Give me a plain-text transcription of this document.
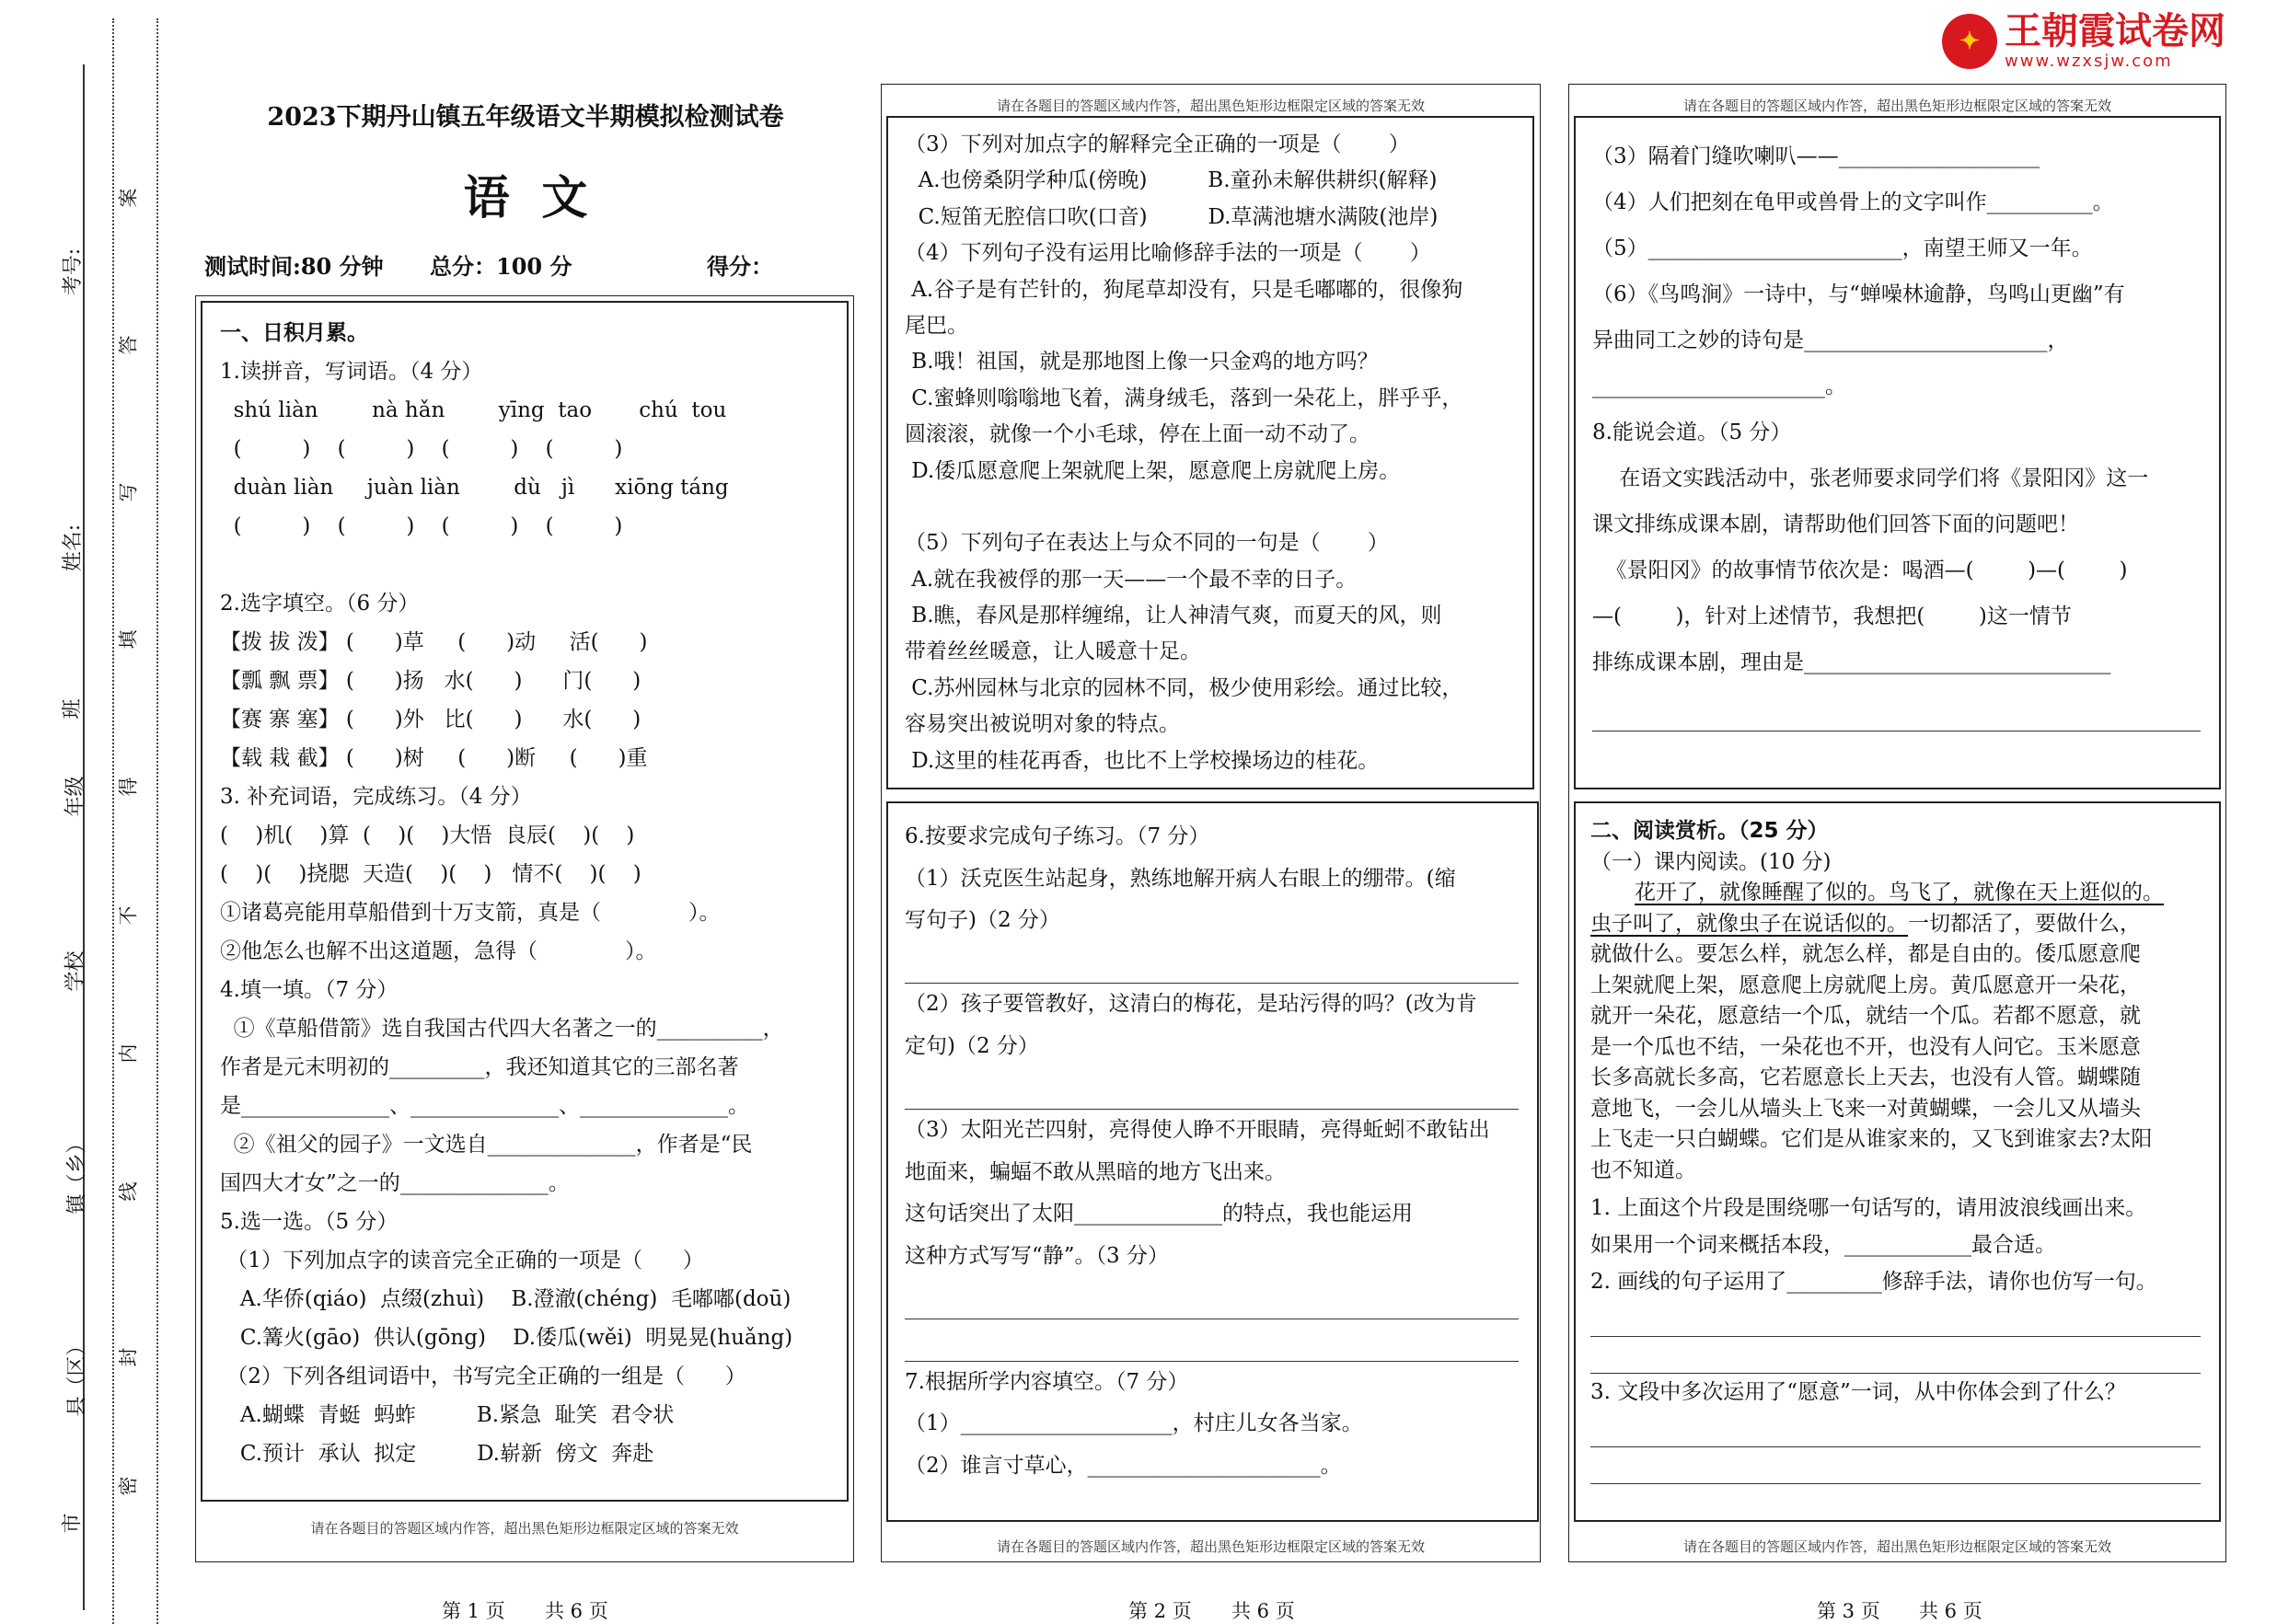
考号:
姓名:
班
年级
学校
镇（乡）
县（区）
市
案
答
写
填
得
不
内
线
封
密
✦ 王朝霞试卷网
www.wzxsjw.com
2023下期丹山镇五年级语文半期模拟检测试卷
语  文
测试时间:80 分钟 总分：100 分	得分：
一、日积月累。
1.读拼音，写词语。（4 分）
shú liàn        nà hǎn        yīng  tao       chú  tou
(         )    (         )    (         )    (         )
duàn liàn     juàn liàn        dù   jì      xiōng táng
(         )    (         )    (         )    (         )
2.选字填空。（6 分）
【拨 拔 泼】 (      )草     (      )动     活(      )
【瓢 飘 票】 (      )扬   水(      )      门(      )
【赛 寨 塞】 (      )外   比(      )      水(      )
【载 栽 截】 (      )树     (      )断     (      )重
3. 补充词语，完成练习。（4 分）
(    )机(    )算  (    )(    )大悟  良辰(    )(    )
(    )(    )挠腮  天造(    )(    )   情不(    )(    )
①诸葛亮能用草船借到十万支箭，真是（             ）。
②他怎么也解不出这道题，急得（             ）。
4.填一填。（7 分）
①《草船借箭》选自我国古代四大名著之一的__________，
作者是元末明初的_________，我还知道其它的三部名著
是______________、______________、______________。
②《祖父的园子》一文选自______________，作者是“民
国四大才女”之一的______________。
5.选一选。（5 分）
（1）下列加点字的读音完全正确的一项是（      ）
A.华侨(qiáo)  点缀(zhuì)    B.澄澈(chéng)  毛嘟嘟(doū)
C.篝火(gāo)  供认(gōng)    D.倭瓜(wěi)  明晃晃(huǎng)
（2）下列各组词语中，书写完全正确的一组是（      ）
A.蝴蝶  青蜓  蚂蚱         B.紧急  耻笑  君令状
C.预计  承认  拟定         D.崭新  傍文  奔赴
请在各题目的答题区域内作答，超出黑色矩形边框限定区域的答案无效
请在各题目的答题区域内作答，超出黑色矩形边框限定区域的答案无效
（3）下列对加点字的解释完全正确的一项是（       ）
A.也傍桑阴学种瓜(傍晚)         B.童孙未解供耕织(解释)
C.短笛无腔信口吹(口音)         D.草满池塘水满陂(池岸)
（4）下列句子没有运用比喻修辞手法的一项是（       ）
A.谷子是有芒针的，狗尾草却没有，只是毛嘟嘟的，很像狗
尾巴。
B.哦！祖国，就是那地图上像一只金鸡的地方吗？
C.蜜蜂则嗡嗡地飞着，满身绒毛，落到一朵花上，胖乎乎，
圆滚滚，就像一个小毛球，停在上面一动不动了。
D.倭瓜愿意爬上架就爬上架，愿意爬上房就爬上房。
（5）下列句子在表达上与众不同的一句是（       ）
A.就在我被俘的那一天——一个最不幸的日子。
B.瞧，春风是那样缠绵，让人神清气爽，而夏天的风，则
带着丝丝暖意，让人暖意十足。
C.苏州园林与北京的园林不同，极少使用彩绘。通过比较，
容易突出被说明对象的特点。
D.这里的桂花再香，也比不上学校操场边的桂花。
6.按要求完成句子练习。（7 分）
（1）沃克医生站起身，熟练地解开病人右眼上的绷带。(缩
写句子)（2 分）
（2）孩子要管教好，这清白的梅花，是玷污得的吗？(改为肯
定句)（2 分）
（3）太阳光芒四射，亮得使人睁不开眼睛，亮得蚯蚓不敢钻出
地面来，蝙蝠不敢从黑暗的地方飞出来。
这句话突出了太阳______________的特点，我也能运用
这种方式写写“静”。（3 分）
7.根据所学内容填空。（7 分）
（1）____________________，村庄儿女各当家。
（2）谁言寸草心，______________________。
请在各题目的答题区域内作答，超出黑色矩形边框限定区域的答案无效
请在各题目的答题区域内作答，超出黑色矩形边框限定区域的答案无效
（3）隔着门缝吹喇叭——___________________
（4）人们把刻在龟甲或兽骨上的文字叫作__________。
（5）________________________，南望王师又一年。
（6）《鸟鸣涧》一诗中，与“蝉噪林逾静，鸟鸣山更幽”有
异曲同工之妙的诗句是_______________________，
______________________。
8.能说会道。（5 分）
在语文实践活动中，张老师要求同学们将《景阳冈》这一
课文排练成课本剧，请帮助他们回答下面的问题吧！
《景阳冈》的故事情节依次是：喝酒—(        )—(        )
—(        )，针对上述情节，我想把(        )这一情节
排练成课本剧，理由是_____________________________
二、阅读赏析。（25 分）
（一）课内阅读。(10 分)
花开了，就像睡醒了似的。鸟飞了，就像在天上逛似的。
虫子叫了，就像虫子在说话似的。一切都活了，要做什么，
就做什么。要怎么样，就怎么样，都是自由的。倭瓜愿意爬
上架就爬上架，愿意爬上房就爬上房。黄瓜愿意开一朵花，
就开一朵花，愿意结一个瓜，就结一个瓜。若都不愿意，就
是一个瓜也不结，一朵花也不开，也没有人问它。玉米愿意
长多高就长多高，它若愿意长上天去，也没有人管。蝴蝶随
意地飞，一会儿从墙头上飞来一对黄蝴蝶，一会儿又从墙头
上飞走一只白蝴蝶。它们是从谁家来的，又飞到谁家去?太阳
也不知道。
1. 上面这个片段是围绕哪一句话写的，请用波浪线画出来。
如果用一个词来概括本段，____________最合适。
2. 画线的句子运用了_________修辞手法，请你也仿写一句。
3. 文段中多次运用了“愿意”一词，从中你体会到了什么？
请在各题目的答题区域内作答，超出黑色矩形边框限定区域的答案无效
第 1 页 共 6 页	第 2 页 共 6 页	第 3 页 共 6 页
